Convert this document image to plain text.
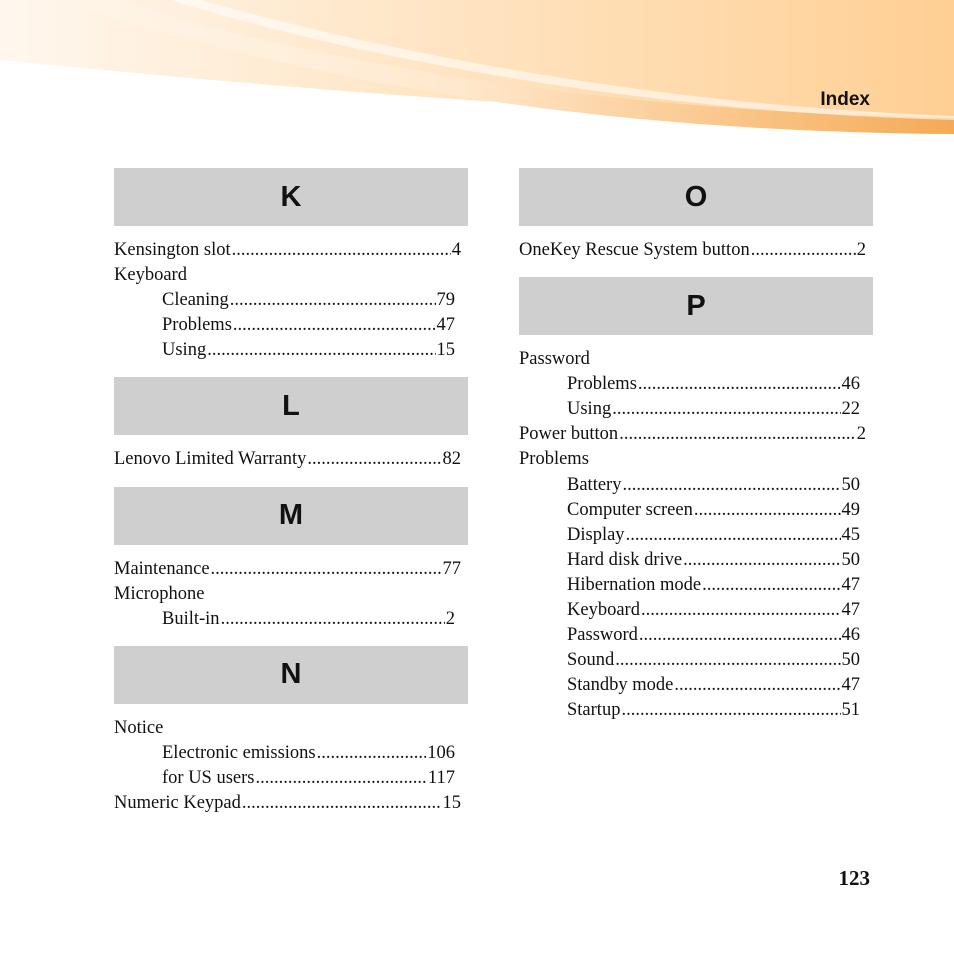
Index
K
Kensington slot .....	4
Keyboard
Cleaning .....	79
Problems .....	47
Using .....	15
L
Lenovo Limited Warranty .....	82
M
Maintenance .....	77
Microphone
Built-in .....	2
N
Notice
Electronic emissions .....	106
for US users .....	117
Numeric Keypad .....	15
O
OneKey Rescue System button .....	2
P
Password
Problems .....	46
Using .....	22
Power button .....	2
Problems
Battery .....	50
Computer screen .....	49
Display .....	45
Hard disk drive .....	50
Hibernation mode .....	47
Keyboard .....	47
Password .....	46
Sound .....	50
Standby mode .....	47
Startup .....	51
123
